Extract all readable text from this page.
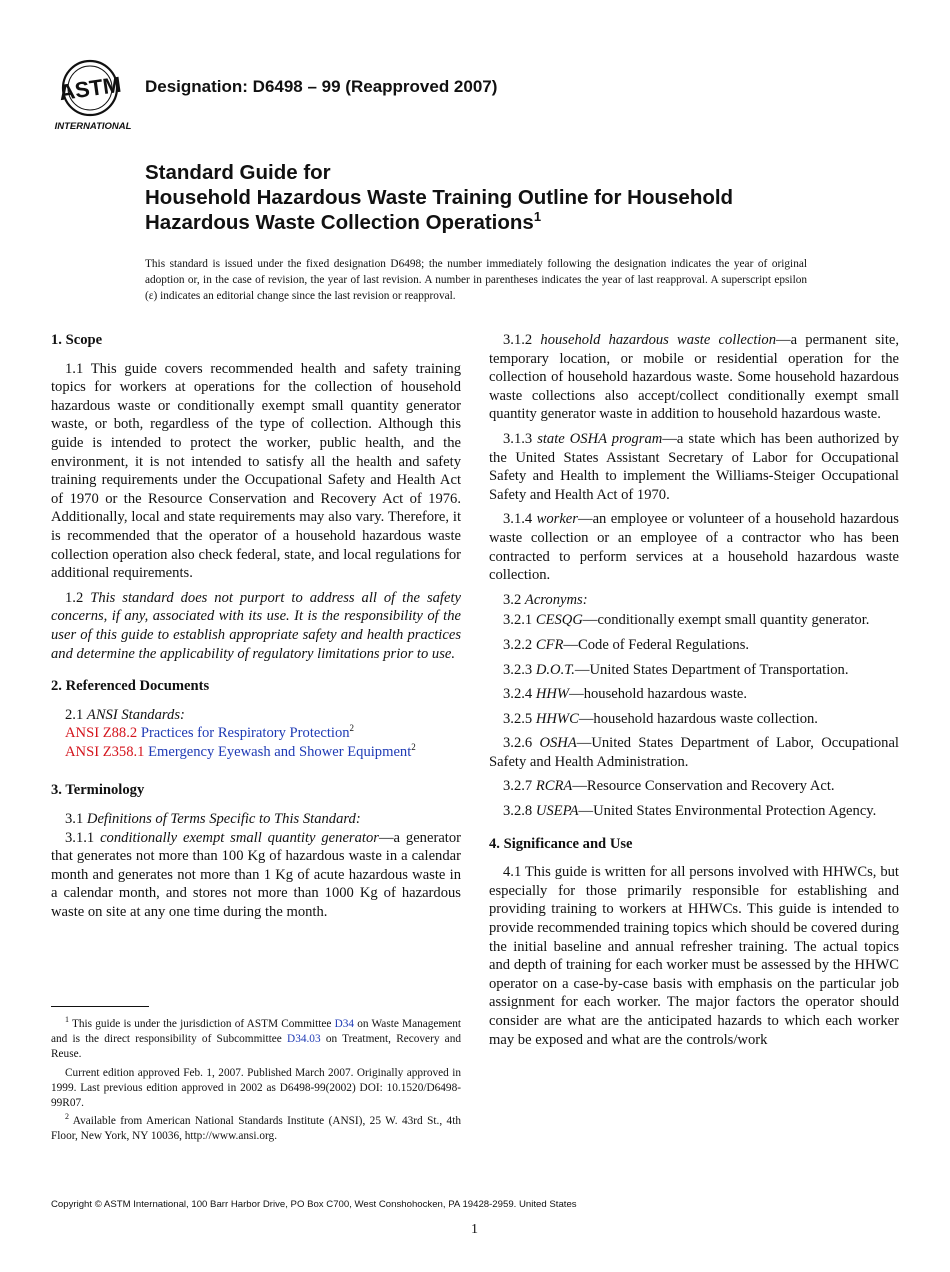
ASTM
INTERNATIONAL
Designation: D6498 – 99 (Reapproved 2007)
Standard Guide for
Household Hazardous Waste Training Outline for Household
Hazardous Waste Collection Operations$^1$
This standard is issued under the fixed designation D6498; the number immediately following the designation indicates the year of original adoption or, in the case of revision, the year of last revision. A number in parentheses indicates the year of last reapproval. A superscript epsilon (ε) indicates an editorial change since the last revision or reapproval.
1. Scope

1.1 This guide covers recommended health and safety training topics for workers at operations for the collection of household hazardous waste or conditionally exempt small quantity generator waste, or both, regardless of the type of collection. Although this guide is intended to protect the worker, public health, and the environment, it is not intended to satisfy all the health and safety training requirements under the Occupational Safety and Health Act of 1970 or the Resource Conservation and Recovery Act of 1976. Additionally, local and state requirements may also vary. Therefore, it is recommended that the operator of a household hazardous waste collection operation also check federal, state, and local regulations for additional requirements.

1.2 This standard does not purport to address all of the safety concerns, if any, associated with its use. It is the responsibility of the user of this guide to establish appropriate safety and health practices and determine the applicability of regulatory limitations prior to use.

2. Referenced Documents

2.1 ANSI Standards:

ANSI Z88.2 Practices for Respiratory Protection$^2$
ANSI Z358.1 Emergency Eyewash and Shower Equipment$^2$
3. Terminology

3.1 Definitions of Terms Specific to This Standard:

3.1.1 conditionally exempt small quantity generator—a generator that generates not more than 100 Kg of hazardous waste in a calendar month and generates not more than 1 Kg of acute hazardous waste in a calendar month, and stores not more than 1000 Kg of hazardous waste on site at any one time during the month.

$^1$ This guide is under the jurisdiction of ASTM Committee D34 on Waste Management and is the direct responsibility of Subcommittee D34.03 on Treatment, Recovery and Reuse.

Current edition approved Feb. 1, 2007. Published March 2007. Originally approved in 1999. Last previous edition approved in 2002 as D6498-99(2002) DOI: 10.1520/D6498-99R07.

$^2$ Available from American National Standards Institute (ANSI), 25 W. 43rd St., 4th Floor, New York, NY 10036, http://www.ansi.org.

3.1.2 household hazardous waste collection—a permanent site, temporary location, or mobile or residential operation for the collection of household hazardous waste. Some household hazardous waste collections also accept/collect conditionally exempt small quantity generator waste in addition to household hazardous waste.

3.1.3 state OSHA program—a state which has been authorized by the United States Assistant Secretary of Labor for Occupational Safety and Health to implement the Williams-Steiger Occupational Safety and Health Act of 1970.

3.1.4 worker—an employee or volunteer of a household hazardous waste collection or an employee of a contractor who has been contracted to perform services at a household hazardous waste collection.

3.2 Acronyms:

3.2.1 CESQG—conditionally exempt small quantity generator.

3.2.2 CFR—Code of Federal Regulations.

3.2.3 D.O.T.—United States Department of Transportation.

3.2.4 HHW—household hazardous waste.

3.2.5 HHWC—household hazardous waste collection.

3.2.6 OSHA—United States Department of Labor, Occupational Safety and Health Administration.

3.2.7 RCRA—Resource Conservation and Recovery Act.

3.2.8 USEPA—United States Environmental Protection Agency.

4. Significance and Use

4.1 This guide is written for all persons involved with HHWCs, but especially for those primarily responsible for establishing and providing training to workers at HHWCs. This guide is intended to provide recommended training topics which should be covered during the initial baseline and annual refresher training. The actual topics and depth of training for each worker must be assessed by the HHWC operator on a case-by-case basis with emphasis on the particular job assignment for each worker. The major factors the operator should consider are what are the anticipated hazards to which each worker may be exposed and what are the controls/work

Copyright © ASTM International, 100 Barr Harbor Drive, PO Box C700, West Conshohocken, PA 19428-2959. United States
1
